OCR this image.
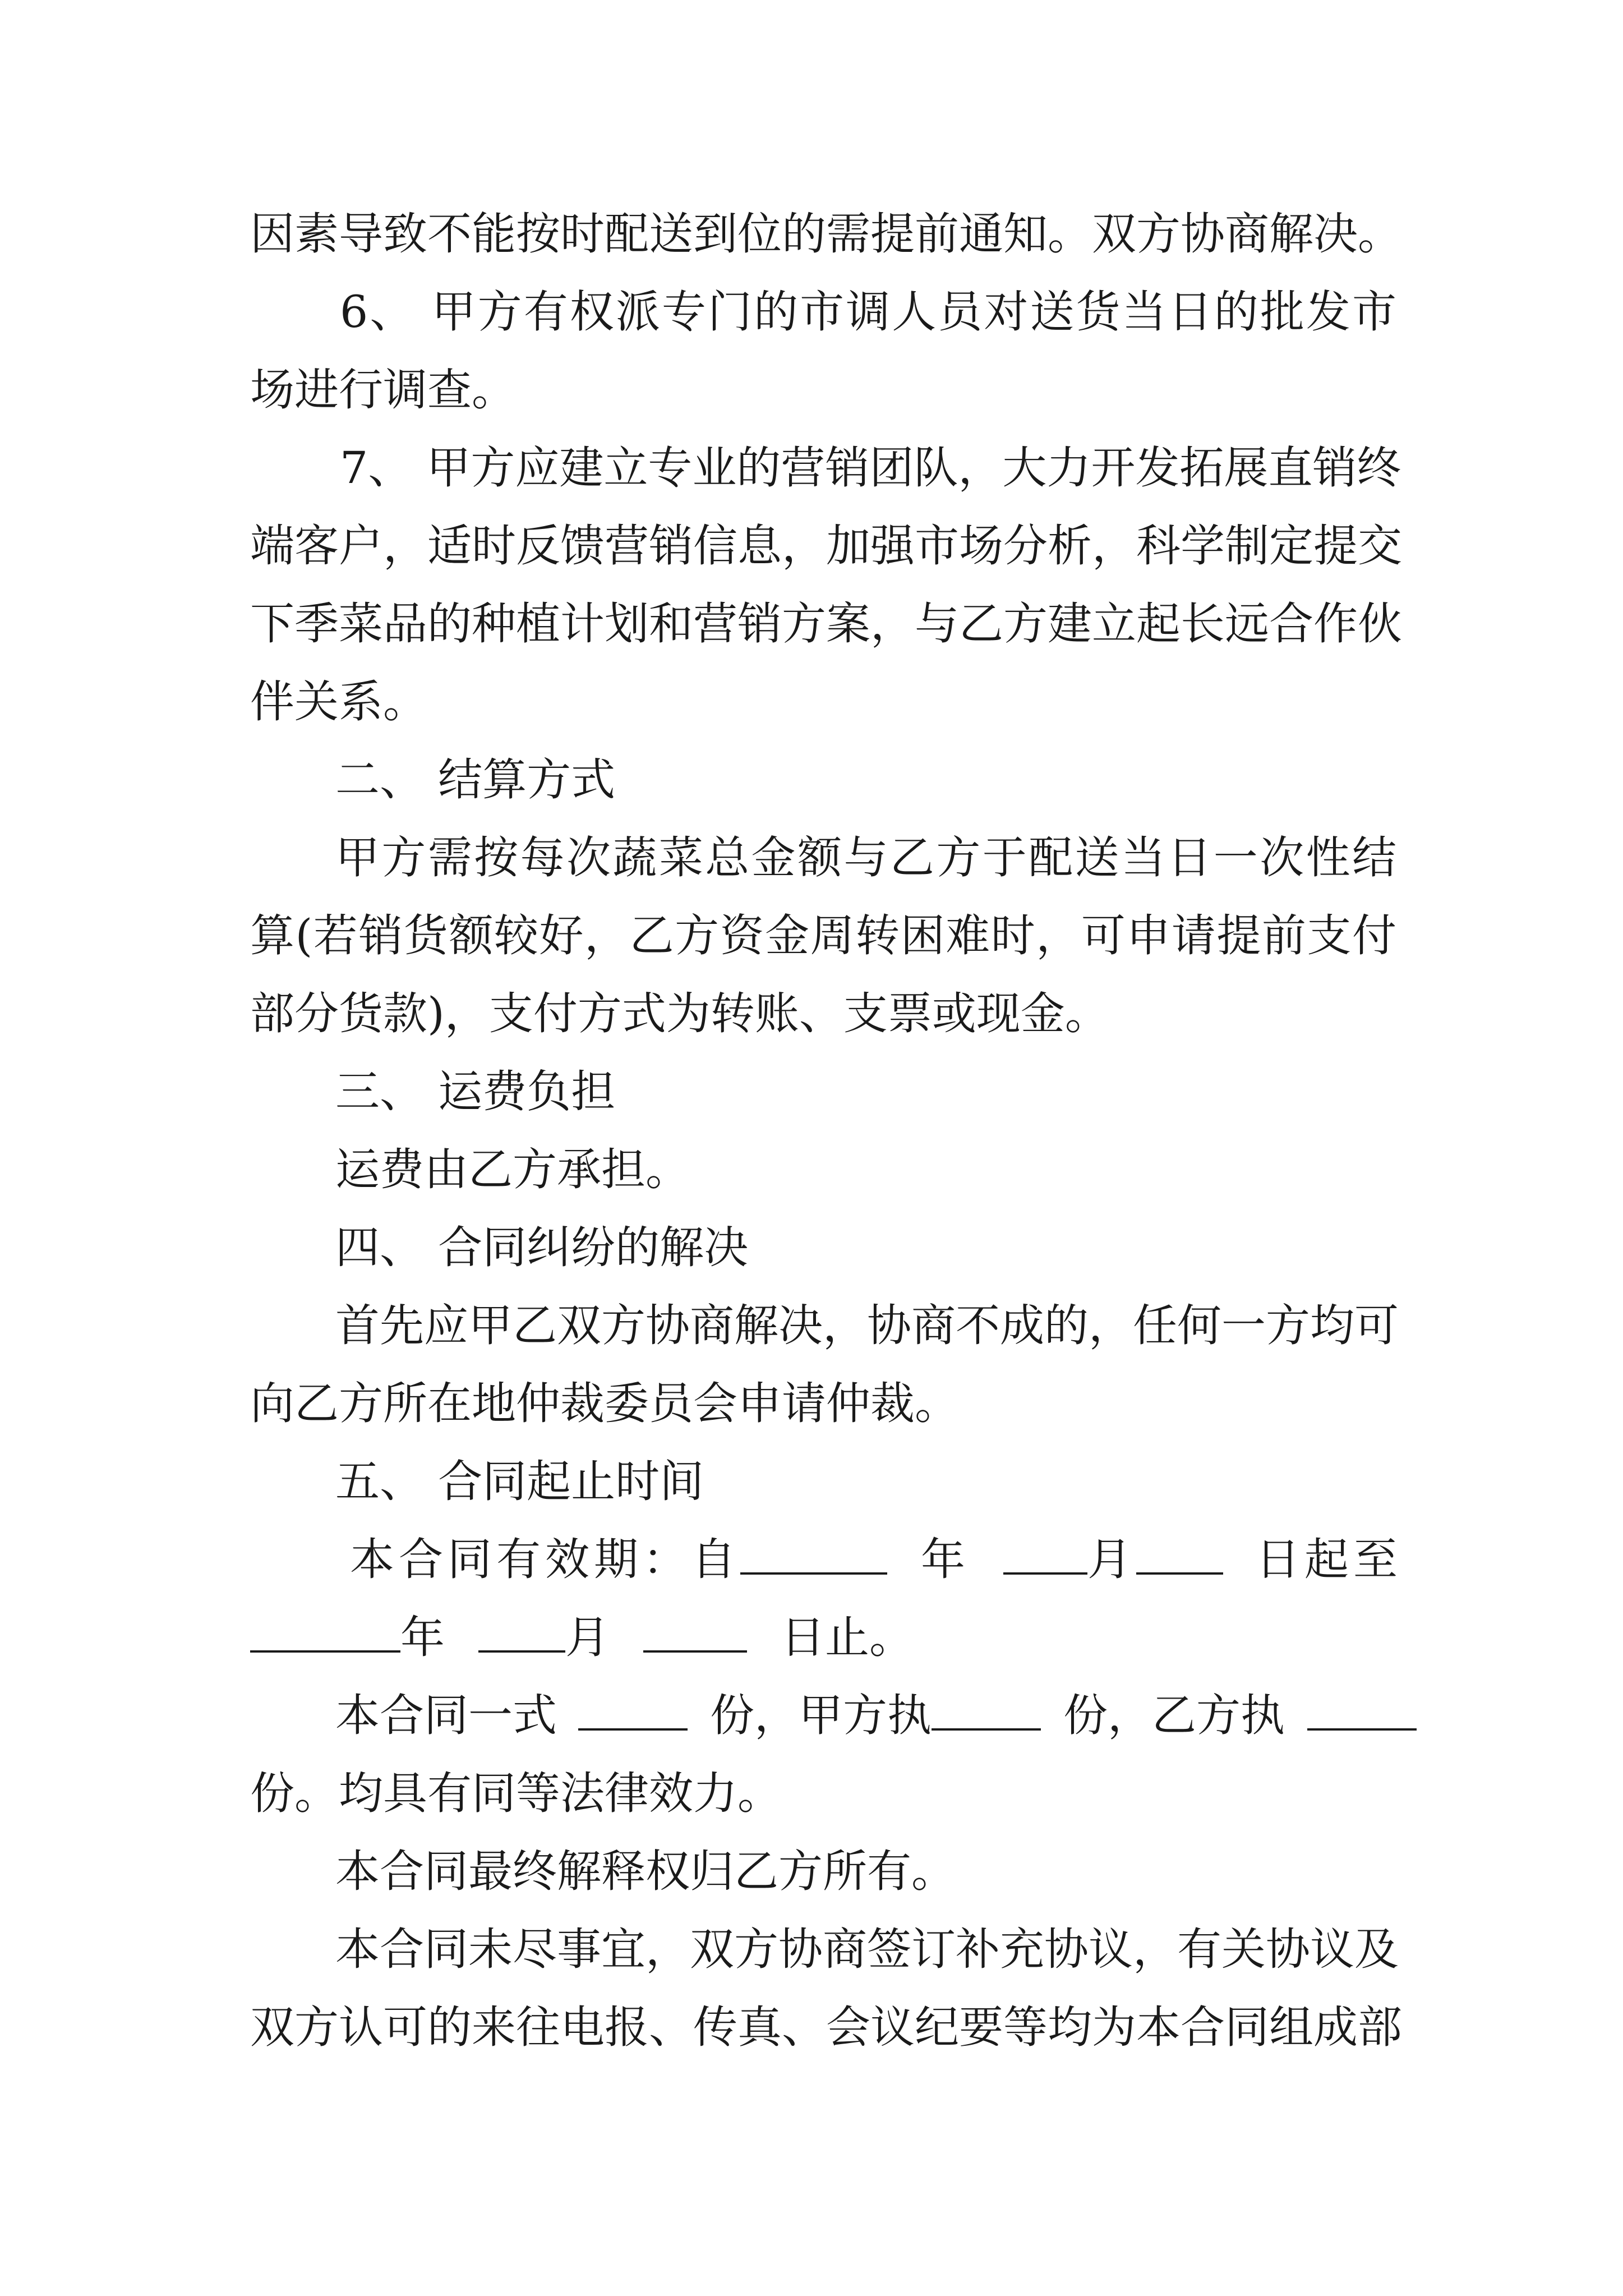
因素导致不能按时配送到位的需提前通知。双方协商解决。
6、 甲方有权派专门的市调人员对送货当日的批发市
场进行调查。
7、 甲方应建立专业的营销团队，大力开发拓展直销终
端客户，适时反馈营销信息，加强市场分析，科学制定提交
下季菜品的种植计划和营销方案，与乙方建立起长远合作伙
伴关系。
二、 结算方式
甲方需按每次蔬菜总金额与乙方于配送当日一次性结
算(若销货额较好，乙方资金周转困难时，可申请提前支付
部分货款)，支付方式为转账、支票或现金。
三、 运费负担
运费由乙方承担。
四、 合同纠纷的解决
首先应甲乙双方协商解决，协商不成的，任何一方均可
向乙方所在地仲裁委员会申请仲裁。
五、 合同起止时间
本合同有效期：自	年	月	日起至
年	月	日止。
本合同一式	份，甲方执	份，乙方执
份。均具有同等法律效力。
本合同最终解释权归乙方所有。
本合同未尽事宜，双方协商签订补充协议，有关协议及
双方认可的来往电报、传真、会议纪要等均为本合同组成部
